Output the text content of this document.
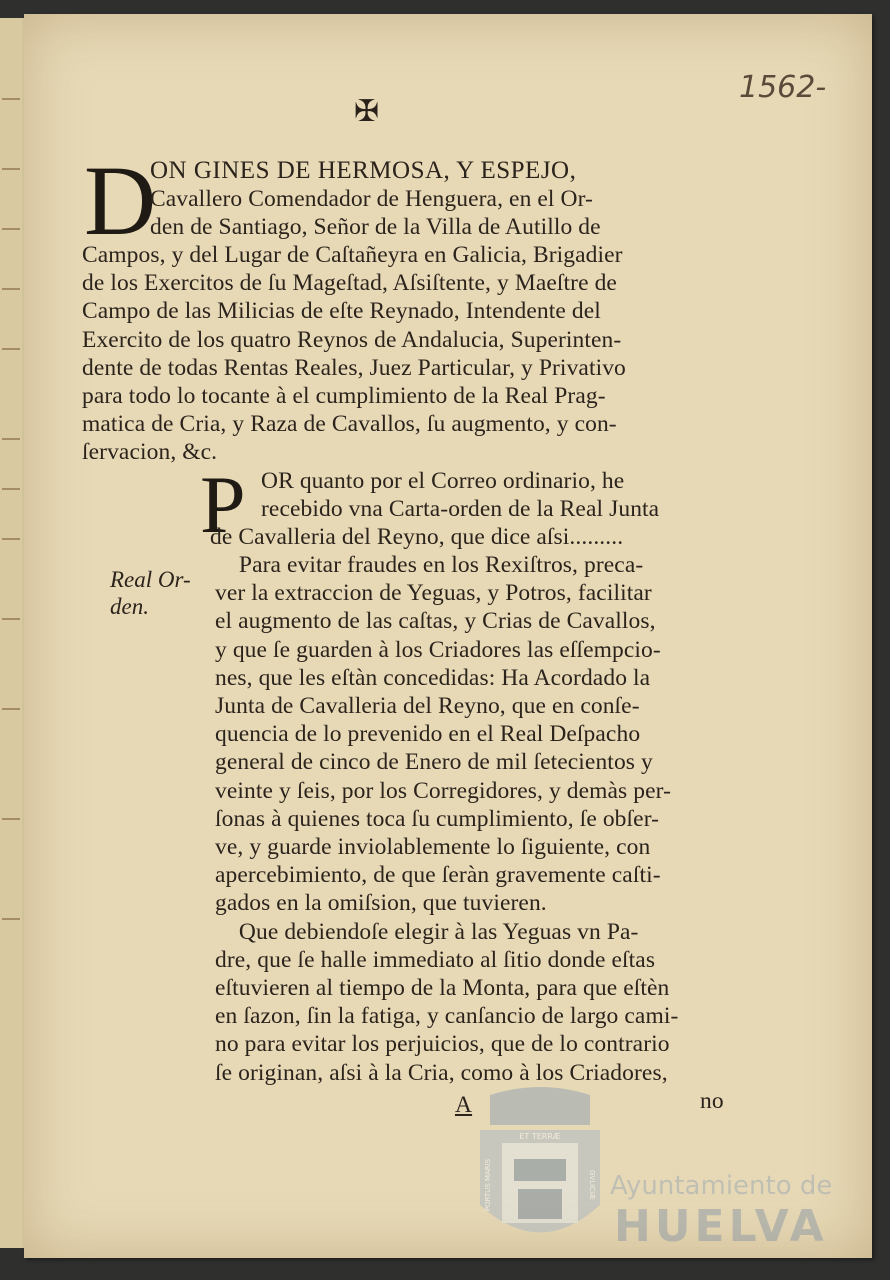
1562-
✠
D
ON GINES DE HERMOSA, Y ESPEJO,
Cavallero Comendador de Henguera, en el Or-
den de Santiago, Señor de la Villa de Autillo de
Campos, y del Lugar de Caſtañeyra en Galicia, Brigadier
de los Exercitos de ſu Mageſtad, Aſsiſtente, y Maeſtre de
Campo de las Milicias de eſte Reynado, Intendente del
Exercito de los quatro Reynos de Andalucia, Superinten-
dente de todas Rentas Reales, Juez Particular, y Privativo
para todo lo tocante à el cumplimiento de la Real Prag-
matica de Cria, y Raza de Cavallos, ſu augmento, y con-
ſervacion, &c.
P OR quanto por el Correo ordinario, he
recebido vna Carta-orden de la Real Junta
de Cavalleria del Reyno, que dice aſsi.........
Real Or-
den.
Para evitar fraudes en los Rexiſtros, preca-
ver la extraccion de Yeguas, y Potros, facilitar
el augmento de las caſtas, y Crias de Cavallos,
y que ſe guarden à los Criadores las eſſempcio-
nes, que les eſtàn concedidas: Ha Acordado la
Junta de Cavalleria del Reyno, que en conſe-
quencia de lo prevenido en el Real Deſpacho
general de cinco de Enero de mil ſetecientos y
veinte y ſeis, por los Corregidores, y demàs per-
ſonas à quienes toca ſu cumplimiento, ſe obſer-
ve, y guarde inviolablemente lo ſiguiente, con
apercebimiento, de que ſeràn gravemente caſti-
gados en la omiſsion, que tuvieren.
Que debiendoſe elegir à las Yeguas vn Pa-
dre, que ſe halle immediato al ſitio donde eſtas
eſtuvieren al tiempo de la Monta, para que eſtèn
en ſazon, ſin la fatiga, y canſancio de largo cami-
no para evitar los perjuicios, que de lo contrario
ſe originan, aſsi à la Cria, como à los Criadores,
A	no
ET TERRÆ
PORTUS MARIS	GVLICIÆ Ayuntamiento de
HUELVA
